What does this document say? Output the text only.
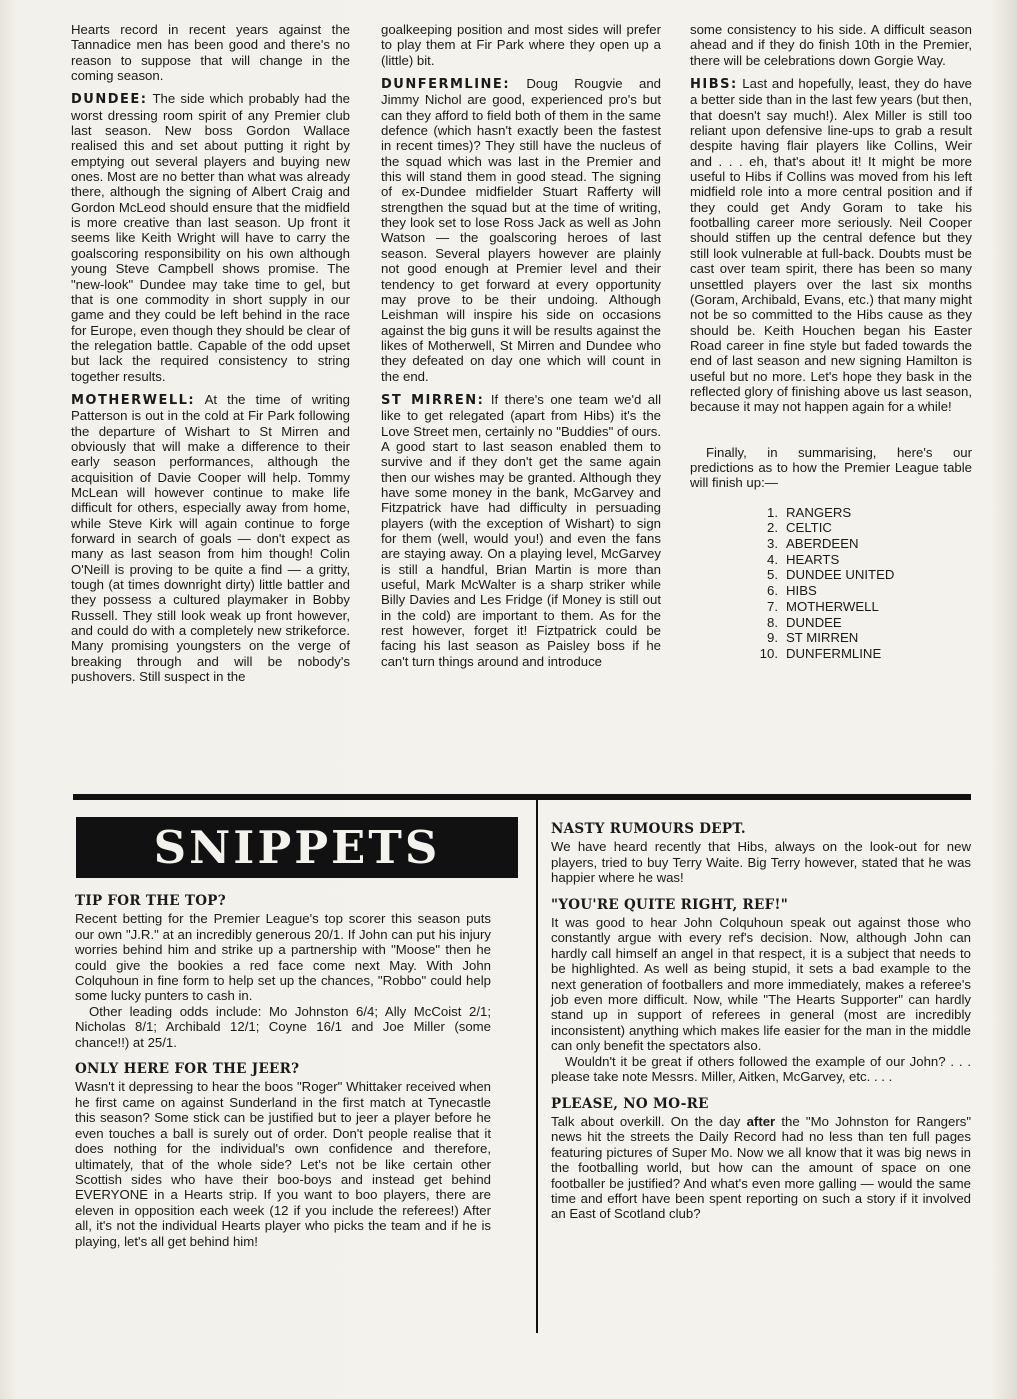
Hearts record in recent years against the Tannadice men has been good and there's no reason to suppose that will change in the coming season.

DUNDEE: The side which probably had the worst dressing room spirit of any Premier club last season. New boss Gordon Wallace realised this and set about putting it right by emptying out several players and buying new ones. Most are no better than what was already there, although the signing of Albert Craig and Gordon McLeod should ensure that the midfield is more creative than last season. Up front it seems like Keith Wright will have to carry the goalscoring responsibility on his own although young Steve Campbell shows promise. The "new-look" Dundee may take time to gel, but that is one commodity in short supply in our game and they could be left behind in the race for Europe, even though they should be clear of the relegation battle. Capable of the odd upset but lack the required consistency to string together results.

MOTHERWELL: At the time of writing Patterson is out in the cold at Fir Park following the departure of Wishart to St Mirren and obviously that will make a difference to their early season performances, although the acquisition of Davie Cooper will help. Tommy McLean will however continue to make life difficult for others, especially away from home, while Steve Kirk will again continue to forge forward in search of goals — don't expect as many as last season from him though! Colin O'Neill is proving to be quite a find — a gritty, tough (at times downright dirty) little battler and they possess a cultured playmaker in Bobby Russell. They still look weak up front however, and could do with a completely new strikeforce. Many promising youngsters on the verge of breaking through and will be nobody's pushovers. Still suspect in the

goalkeeping position and most sides will prefer to play them at Fir Park where they open up a (little) bit.

DUNFERMLINE: Doug Rougvie and Jimmy Nichol are good, experienced pro's but can they afford to field both of them in the same defence (which hasn't exactly been the fastest in recent times)? They still have the nucleus of the squad which was last in the Premier and this will stand them in good stead. The signing of ex-Dundee midfielder Stuart Rafferty will strengthen the squad but at the time of writing, they look set to lose Ross Jack as well as John Watson — the goalscoring heroes of last season. Several players however are plainly not good enough at Premier level and their tendency to get forward at every opportunity may prove to be their undoing. Although Leishman will inspire his side on occasions against the big guns it will be results against the likes of Motherwell, St Mirren and Dundee who they defeated on day one which will count in the end.

ST MIRREN: If there's one team we'd all like to get relegated (apart from Hibs) it's the Love Street men, certainly no "Buddies" of ours. A good start to last season enabled them to survive and if they don't get the same again then our wishes may be granted. Although they have some money in the bank, McGarvey and Fitzpatrick have had difficulty in persuading players (with the exception of Wishart) to sign for them (well, would you!) and even the fans are staying away. On a playing level, McGarvey is still a handful, Brian Martin is more than useful, Mark McWalter is a sharp striker while Billy Davies and Les Fridge (if Money is still out in the cold) are important to them. As for the rest however, forget it! Fiztpatrick could be facing his last season as Paisley boss if he can't turn things around and introduce

some consistency to his side. A difficult season ahead and if they do finish 10th in the Premier, there will be celebrations down Gorgie Way.

HIBS: Last and hopefully, least, they do have a better side than in the last few years (but then, that doesn't say much!). Alex Miller is still too reliant upon defensive line-ups to grab a result despite having flair players like Collins, Weir and . . . eh, that's about it! It might be more useful to Hibs if Collins was moved from his left midfield role into a more central position and if they could get Andy Goram to take his footballing career more seriously. Neil Cooper should stiffen up the central defence but they still look vulnerable at full-back. Doubts must be cast over team spirit, there has been so many unsettled players over the last six months (Goram, Archibald, Evans, etc.) that many might not be so committed to the Hibs cause as they should be. Keith Houchen began his Easter Road career in fine style but faded towards the end of last season and new signing Hamilton is useful but no more. Let's hope they bask in the reflected glory of finishing above us last season, because it may not happen again for a while!

Finally, in summarising, here's our predictions as to how the Premier League table will finish up:—

1. RANGERS
2. CELTIC
3. ABERDEEN
4. HEARTS
5. DUNDEE UNITED
6. HIBS
7. MOTHERWELL
8. DUNDEE
9. ST MIRREN
10. DUNFERMLINE
SNIPPETS

TIP FOR THE TOP?

Recent betting for the Premier League's top scorer this season puts our own "J.R." at an incredibly generous 20/1. If John can put his injury worries behind him and strike up a partnership with "Moose" then he could give the bookies a red face come next May. With John Colquhoun in fine form to help set up the chances, "Robbo" could help some lucky punters to cash in.

Other leading odds include: Mo Johnston 6/4; Ally McCoist 2/1; Nicholas 8/1; Archibald 12/1; Coyne 16/1 and Joe Miller (some chance!!) at 25/1.

ONLY HERE FOR THE JEER?

Wasn't it depressing to hear the boos "Roger" Whittaker received when he first came on against Sunderland in the first match at Tynecastle this season? Some stick can be justified but to jeer a player before he even touches a ball is surely out of order. Don't people realise that it does nothing for the individual's own confidence and therefore, ultimately, that of the whole side? Let's not be like certain other Scottish sides who have their boo-boys and instead get behind EVERYONE in a Hearts strip. If you want to boo players, there are eleven in opposition each week (12 if you include the referees!) After all, it's not the individual Hearts player who picks the team and if he is playing, let's all get behind him!

NASTY RUMOURS DEPT.

We have heard recently that Hibs, always on the look-out for new players, tried to buy Terry Waite. Big Terry however, stated that he was happier where he was!

"YOU'RE QUITE RIGHT, REF!"

It was good to hear John Colquhoun speak out against those who constantly argue with every ref's decision. Now, although John can hardly call himself an angel in that respect, it is a subject that needs to be highlighted. As well as being stupid, it sets a bad example to the next generation of footballers and more immediately, makes a referee's job even more difficult. Now, while "The Hearts Supporter" can hardly stand up in support of referees in general (most are incredibly inconsistent) anything which makes life easier for the man in the middle can only benefit the spectators also.

Wouldn't it be great if others followed the example of our John? . . . please take note Messrs. Miller, Aitken, McGarvey, etc. . . .

PLEASE, NO MO-RE

Talk about overkill. On the day after the "Mo Johnston for Rangers" news hit the streets the Daily Record had no less than ten full pages featuring pictures of Super Mo. Now we all know that it was big news in the footballing world, but how can the amount of space on one footballer be justified? And what's even more galling — would the same time and effort have been spent reporting on such a story if it involved an East of Scotland club?
